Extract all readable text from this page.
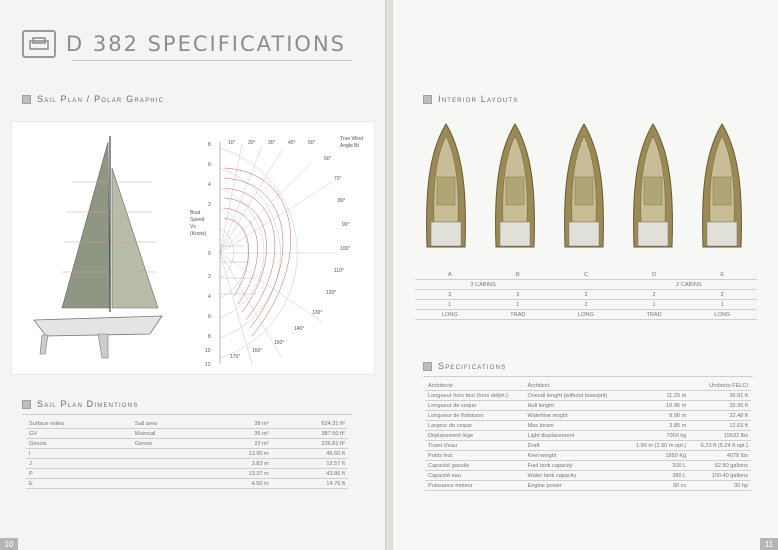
D 382 SPECIFICATIONS
Sail Plan / Polar Graphic
10° 20° 30° 40° 50°
True Wind
Angle Bt
60°
70°
80°
90°
100°
110°
120°
130°
140°
150°
160°
170°
Boat
Speed
Vs
(Knots)
8
6
4
2
0
2
4
6
8
10
12
Sail Plan Dimentions
Surface voiles	Sail area	38 m²	624.31 ft²
GV	Mainsail	36 m²	387.50 ft²
Génois	Genoa	22 m²	236.81 ft²
I		13.90 m	45.60 ft
J		3.83 m	12.57 ft
P		13.37 m	43.86 ft
E		4.50 m	14.76 ft
10
Interior Layouts
A	B	C	D	E
3 CABINS			2 CABINS	
3	3	2	2	2
1	1	2	1	1
LONG	TRAD	LONG	TRAD	LONG
Specifications
Architecte	Architect		Umberto FELCI
Longueur hors tout (hors delph.)	Overall lenght (without bowsprit)	11.25 m	36.91 ft
Longueur de coque	Hull lenght	10.96 m	35.95 ft
Longueur de flottaison	Waterline lenght	9.90 m	32.48 ft
Largeur de coque	Max beam	3.85 m	12.63 ft
Déplacement lège	Light displacement	7060 kg	15532 lbs
Tirant d'eau	Draft	1.90 m (1.60 m opt.)	6.23 ft (5.24 ft opt.)
Poids lest	Keel weight	1850 Kg	4078 lbs
Capacité gasoile	Fuel tank capacity	200 L	52.80 gallons
Capacité eau	Water tank capacity	380 L	100.40 gallons
Puissance moteur	Engine power	30 cv	30 hp
11
